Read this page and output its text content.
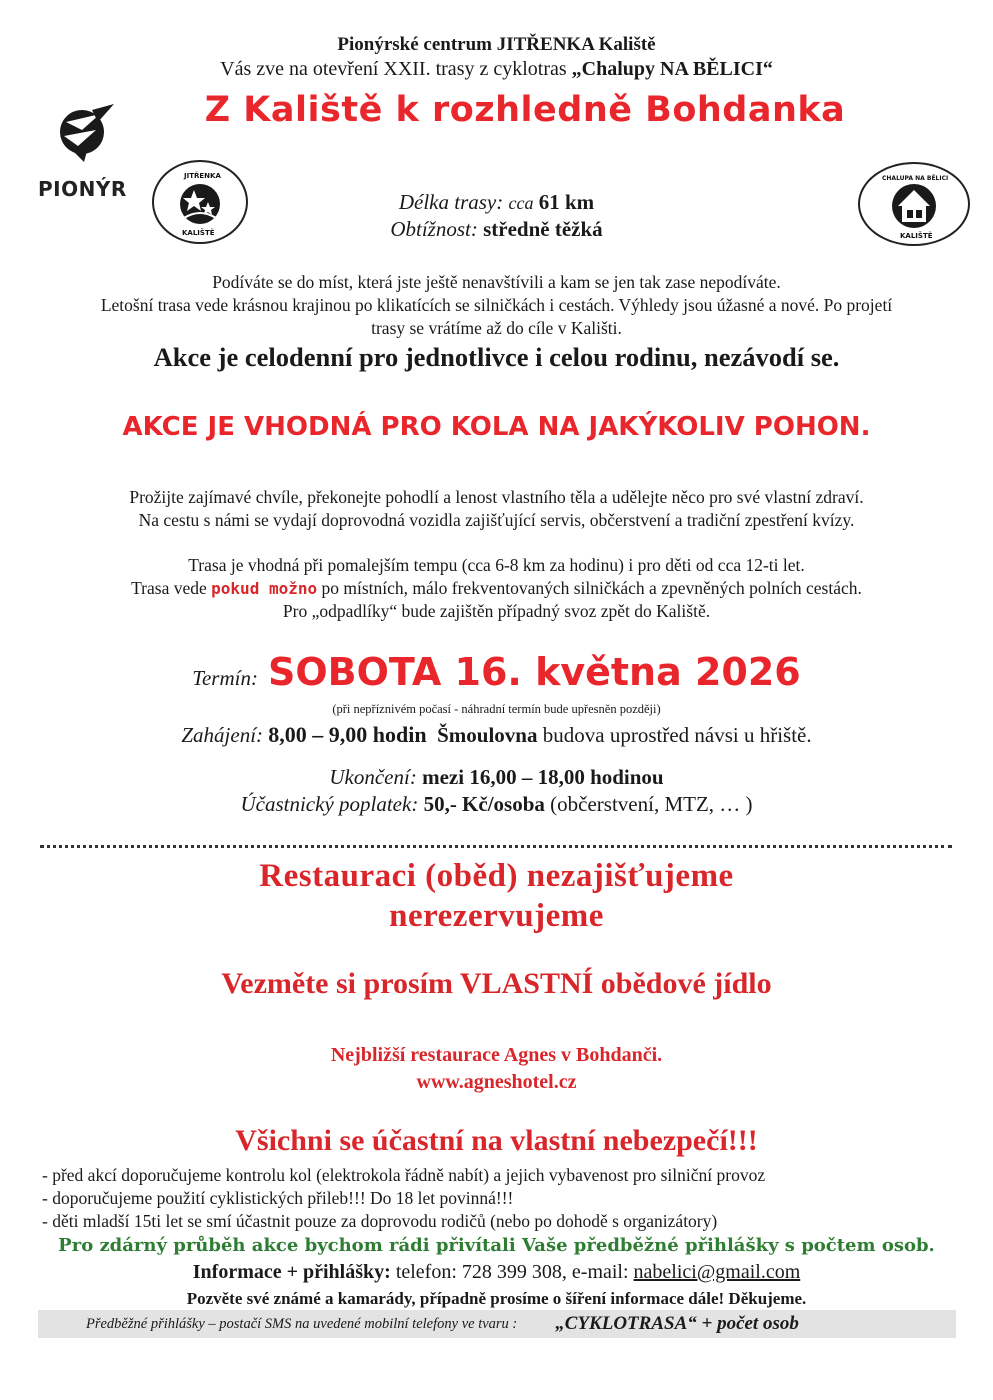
Pionýrské centrum JITŘENKA Kaliště
Vás zve na otevření XXII. trasy z cyklotras „Chalupy NA BĚLICI“
Z Kaliště k rozhledně Bohdanka
PIONÝR
JITŘENKA
KALIŠTĚ
CHALUPA NA BĚLICI
KALIŠTĚ
Délka trasy: cca 61 km
Obtížnost: středně těžká
Podíváte se do míst, která jste ještě nenavštívili a kam se jen tak zase nepodíváte.
Letošní trasa vede krásnou krajinou po klikatících se silničkách i cestách. Výhledy jsou úžasné a nové. Po projetí
trasy se vrátíme až do cíle v Kališti.
Akce je celodenní pro jednotlivce i celou rodinu, nezávodí se.
AKCE JE VHODNÁ PRO KOLA NA JAKÝKOLIV POHON.
Prožijte zajímavé chvíle, překonejte pohodlí a lenost vlastního těla a udělejte něco pro své vlastní zdraví.
Na cestu s námi se vydají doprovodná vozidla zajišťující servis, občerstvení a tradiční zpestření kvízy.
Trasa je vhodná při pomalejším tempu (cca 6-8 km za hodinu) i pro děti od cca 12-ti let.
Trasa vede pokud možno po místních, málo frekventovaných silničkách a zpevněných polních cestách.
Pro „odpadlíky“ bude zajištěn případný svoz zpět do Kaliště.
Termín: SOBOTA 16. května 2026
(při nepříznivém počasí - náhradní termín bude upřesněn později)
Zahájení: 8,00 – 9,00 hodin Šmoulovna budova uprostřed návsi u hřiště.
Ukončení: mezi 16,00 – 18,00 hodinou
Účastnický poplatek: 50,- Kč/osoba (občerstvení, MTZ, … )
Restauraci (oběd) nezajišťujeme
nerezervujeme
Vezměte si prosím VLASTNÍ obědové jídlo
Nejbližší restaurace Agnes v Bohdanči.
www.agneshotel.cz
Všichni se účastní na vlastní nebezpečí!!!
- před akcí doporučujeme kontrolu kol (elektrokola řádně nabít) a jejich vybavenost pro silniční provoz
- doporučujeme použití cyklistických přileb!!! Do 18 let povinná!!!
- děti mladší 15ti let se smí účastnit pouze za doprovodu rodičů (nebo po dohodě s organizátory)
Pro zdárný průběh akce bychom rádi přivítali Vaše předběžné přihlášky s počtem osob.
Informace + přihlášky: telefon: 728 399 308, e-mail: nabelici@gmail.com
Pozvěte své známé a kamarády, případně prosíme o šíření informace dále! Děkujeme.
Předběžné přihlášky – postačí SMS na uvedené mobilní telefony ve tvaru : „CYKLOTRASA“ + počet osob
